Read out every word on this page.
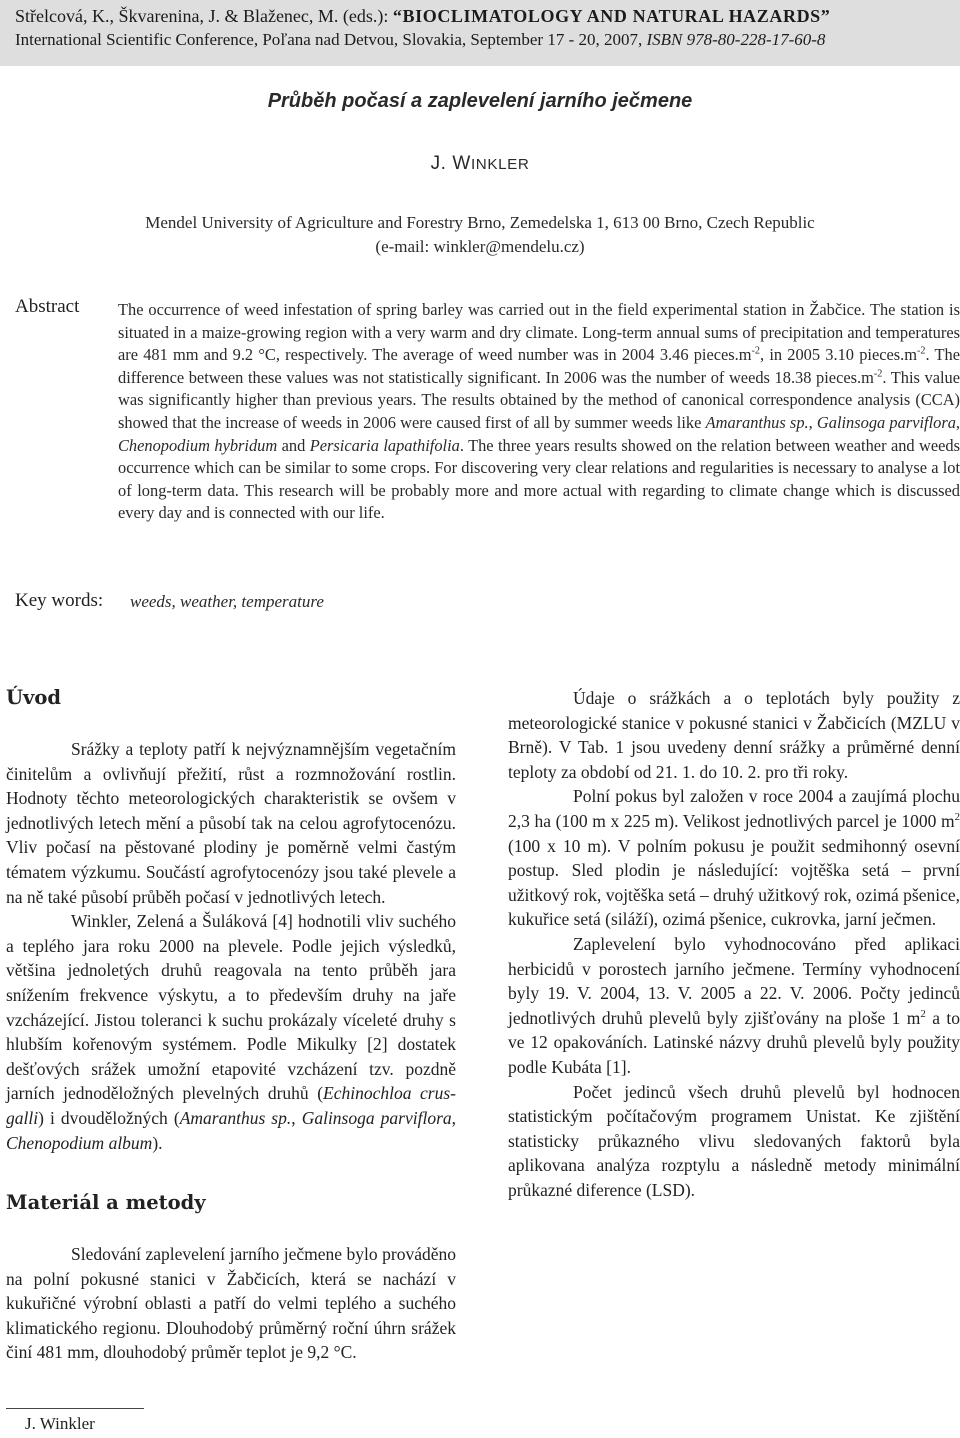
Střelcová, K., Škvarenina, J. & Blaženec, M. (eds.): “BIOCLIMATOLOGY AND NATURAL HAZARDS”
International Scientific Conference, Poľana nad Detvou, Slovakia, September 17 - 20, 2007, ISBN 978-80-228-17-60-8
Průběh počasí a zaplevelení jarního ječmene
J. WINKLER
Mendel University of Agriculture and Forestry Brno, Zemedelska 1, 613 00 Brno, Czech Republic
(e-mail: winkler@mendelu.cz)
Abstract The occurrence of weed infestation of spring barley was carried out in the field experimental station in Žabčice. The station is situated in a maize-growing region with a very warm and dry climate. Long-term annual sums of precipitation and temperatures are 481 mm and 9.2 °C, respectively. The average of weed number was in 2004 3.46 $pieces.m^{-2}$, in 2005 3.10 $pieces.m^{-2}$. The difference between these values was not statistically significant. In 2006 was the number of weeds 18.38 $pieces.m^{-2}$. This value was significantly higher than previous years. The results obtained by the method of canonical correspondence analysis (CCA) showed that the increase of weeds in 2006 were caused first of all by summer weeds like Amaranthus sp., Galinsoga parviflora, Chenopodium hybridum and Persicaria lapathifolia. The three years results showed on the relation between weather and weeds occurrence which can be similar to some crops. For discovering very clear relations and regularities is necessary to analyse a lot of long-term data. This research will be probably more and more actual with regarding to climate change which is discussed every day and is connected with our life.

Key words: weeds, weather, temperature
Úvod

Srážky a teploty patří k nejvýznamnějším vegetačním činitelům a ovlivňují přežití, růst a rozmnožování rostlin. Hodnoty těchto meteorologických charakteristik se ovšem v jednotlivých letech mění a působí tak na celou agrofytocenózu. Vliv počasí na pěstované plodiny je poměrně velmi častým tématem výzkumu. Součástí agrofytocenózy jsou také plevele a na ně také působí průběh počasí v jednotlivých letech.

Winkler, Zelená a Šuláková [4] hodnotili vliv suchého a teplého jara roku 2000 na plevele. Podle jejich výsledků, většina jednoletých druhů reagovala na tento průběh jara snížením frekvence výskytu, a to především druhy na jaře vzcházející. Jistou toleranci k suchu prokázaly víceleté druhy s hlubším kořenovým systémem. Podle Mikulky [2] dostatek dešťových srážek umožní etapovité vzcházení tzv. pozdně jarních jednoděložných plevelných druhů (Echinochloa crus-galli) i dvouděložných (Amaranthus sp., Galinsoga parviflora, Chenopodium album).

Materiál a metody

Sledování zaplevelení jarního ječmene bylo prováděno na polní pokusné stanici v Žabčicích, která se nachází v kukuřičné výrobní oblasti a patří do velmi teplého a suchého klimatického regionu. Dlouhodobý průměrný roční úhrn srážek činí 481 mm, dlouhodobý průměr teplot je 9,2 °C.

Údaje o srážkách a o teplotách byly použity z meteorologické stanice v pokusné stanici v Žabčicích (MZLU v Brně). V Tab. 1 jsou uvedeny denní srážky a průměrné denní teploty za období od 21. 1. do 10. 2. pro tři roky.

Polní pokus byl založen v roce 2004 a zaujímá plochu 2,3 ha (100 m x 225 m). Velikost jednotlivých parcel je 1000 $m^2$ (100 x 10 m). V polním pokusu je použit sedmihonný osevní postup. Sled plodin je následující: vojtěška setá – první užitkový rok, vojtěška setá – druhý užitkový rok, ozimá pšenice, kukuřice setá (siláží), ozimá pšenice, cukrovka, jarní ječmen.

Zaplevelení bylo vyhodnocováno před aplikaci herbicidů v porostech jarního ječmene. Termíny vyhodnocení byly 19. V. 2004, 13. V. 2005 a 22. V. 2006. Počty jedinců jednotlivých druhů plevelů byly zjišťovány na ploše 1 $m^2$ a to ve 12 opakováních. Latinské názvy druhů plevelů byly použity podle Kubáta [1].

Počet jedinců všech druhů plevelů byl hodnocen statistickým počítačovým programem Unistat. Ke zjištění statisticky průkazného vlivu sledovaných faktorů byla aplikovana analýza rozptylu a následně metody minimální průkazné diference (LSD).

J. Winkler
